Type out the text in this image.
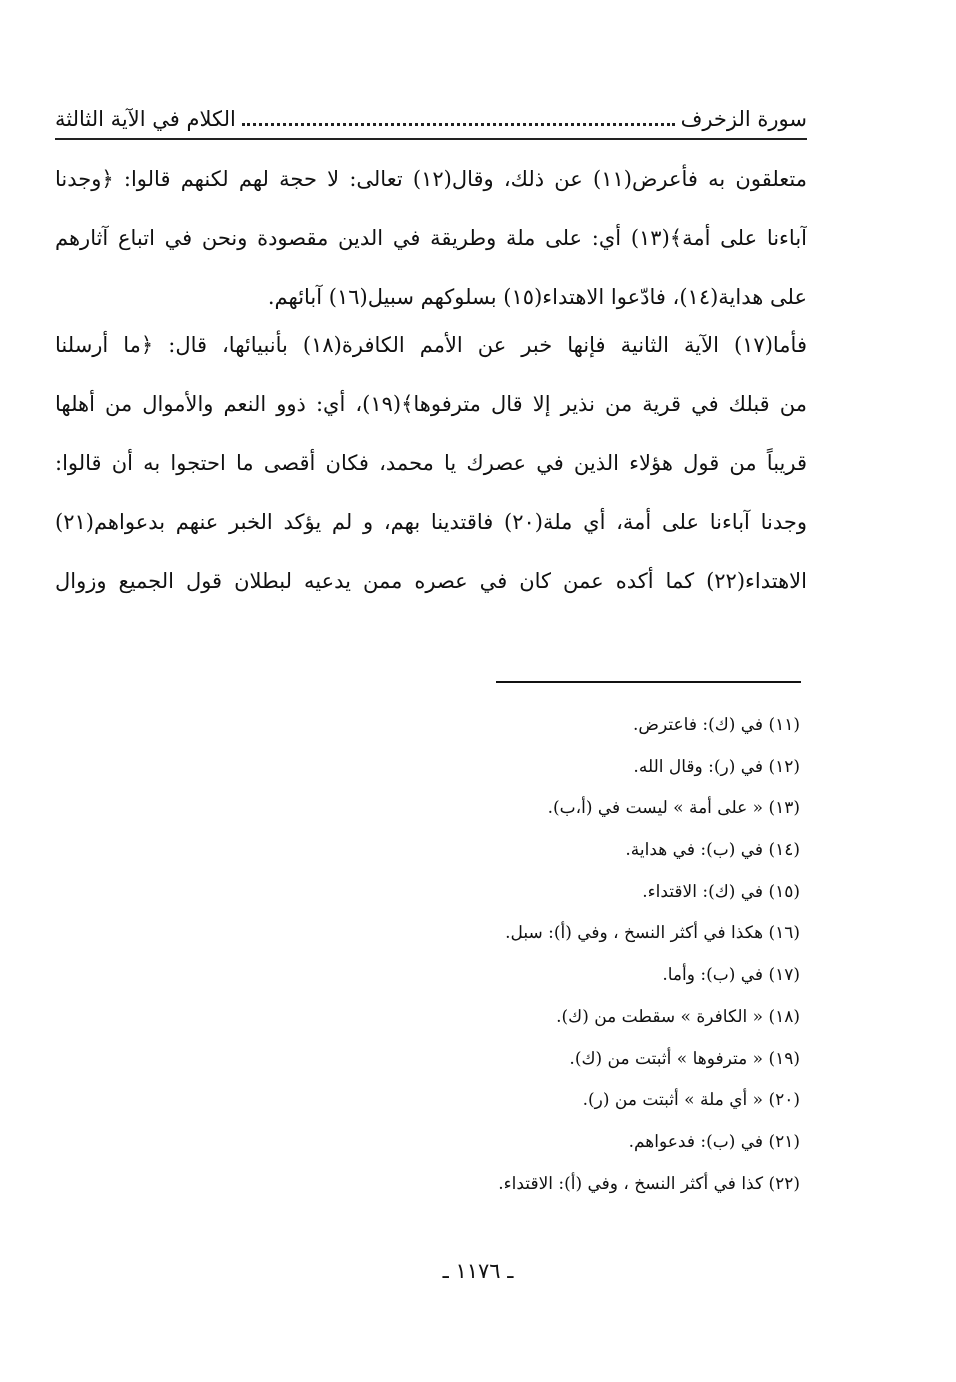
الكلام في الآية الثالثة	سورة الزخرف
متعلقون به فأعرض(١١) عن ذلك، وقال(١٢) تعالى: لا حجة لهم لكنهم قالوا: ﴿وجدنا
آباءنا على أمة﴾(١٣) أي: على ملة وطريقة في الدين مقصودة ونحن في اتباع آثارهم
على هداية(١٤)، فادّعوا الاهتداء(١٥) بسلوكهم سبيل(١٦) آبائهم.
فأما(١٧) الآية الثانية فإنها خبر عن الأمم الكافرة(١٨) بأنبيائها، قال: ﴿ما أرسلنا
من قبلك في قرية من نذير إلا قال مترفوها﴾(١٩)، أي: ذوو النعم والأموال من أهلها
قريباً من قول هؤلاء الذين في عصرك يا محمد، فكان أقصى ما احتجوا به أن قالوا:
وجدنا آباءنا على أمة، أي ملة(٢٠) فاقتدينا بهم، و لم يؤكد الخبر عنهم بدعواهم(٢١)
الاهتداء(٢٢) كما أكده عمن كان في عصره ممن يدعيه لبطلان قول الجميع وزوال
(١١) في (ك): فاعترض.
(١٢) في (ر): وقال الله.
(١٣) « على أمة » ليست في (أ،ب).
(١٤) في (ب): في هداية.
(١٥) في (ك): الاقتداء.
(١٦) هكذا في أكثر النسخ ، وفي (أ): سبل.
(١٧) في (ب): وأما.
(١٨) « الكافرة » سقطت من (ك).
(١٩) « مترفوها » أثبتت من (ك).
(٢٠) « أي ملة » أثبتت من (ر).
(٢١) في (ب): فدعواهم.
(٢٢) كذا في أكثر النسخ ، وفي (أ): الاقتداء.
ـ ١١٧٦ ـ
